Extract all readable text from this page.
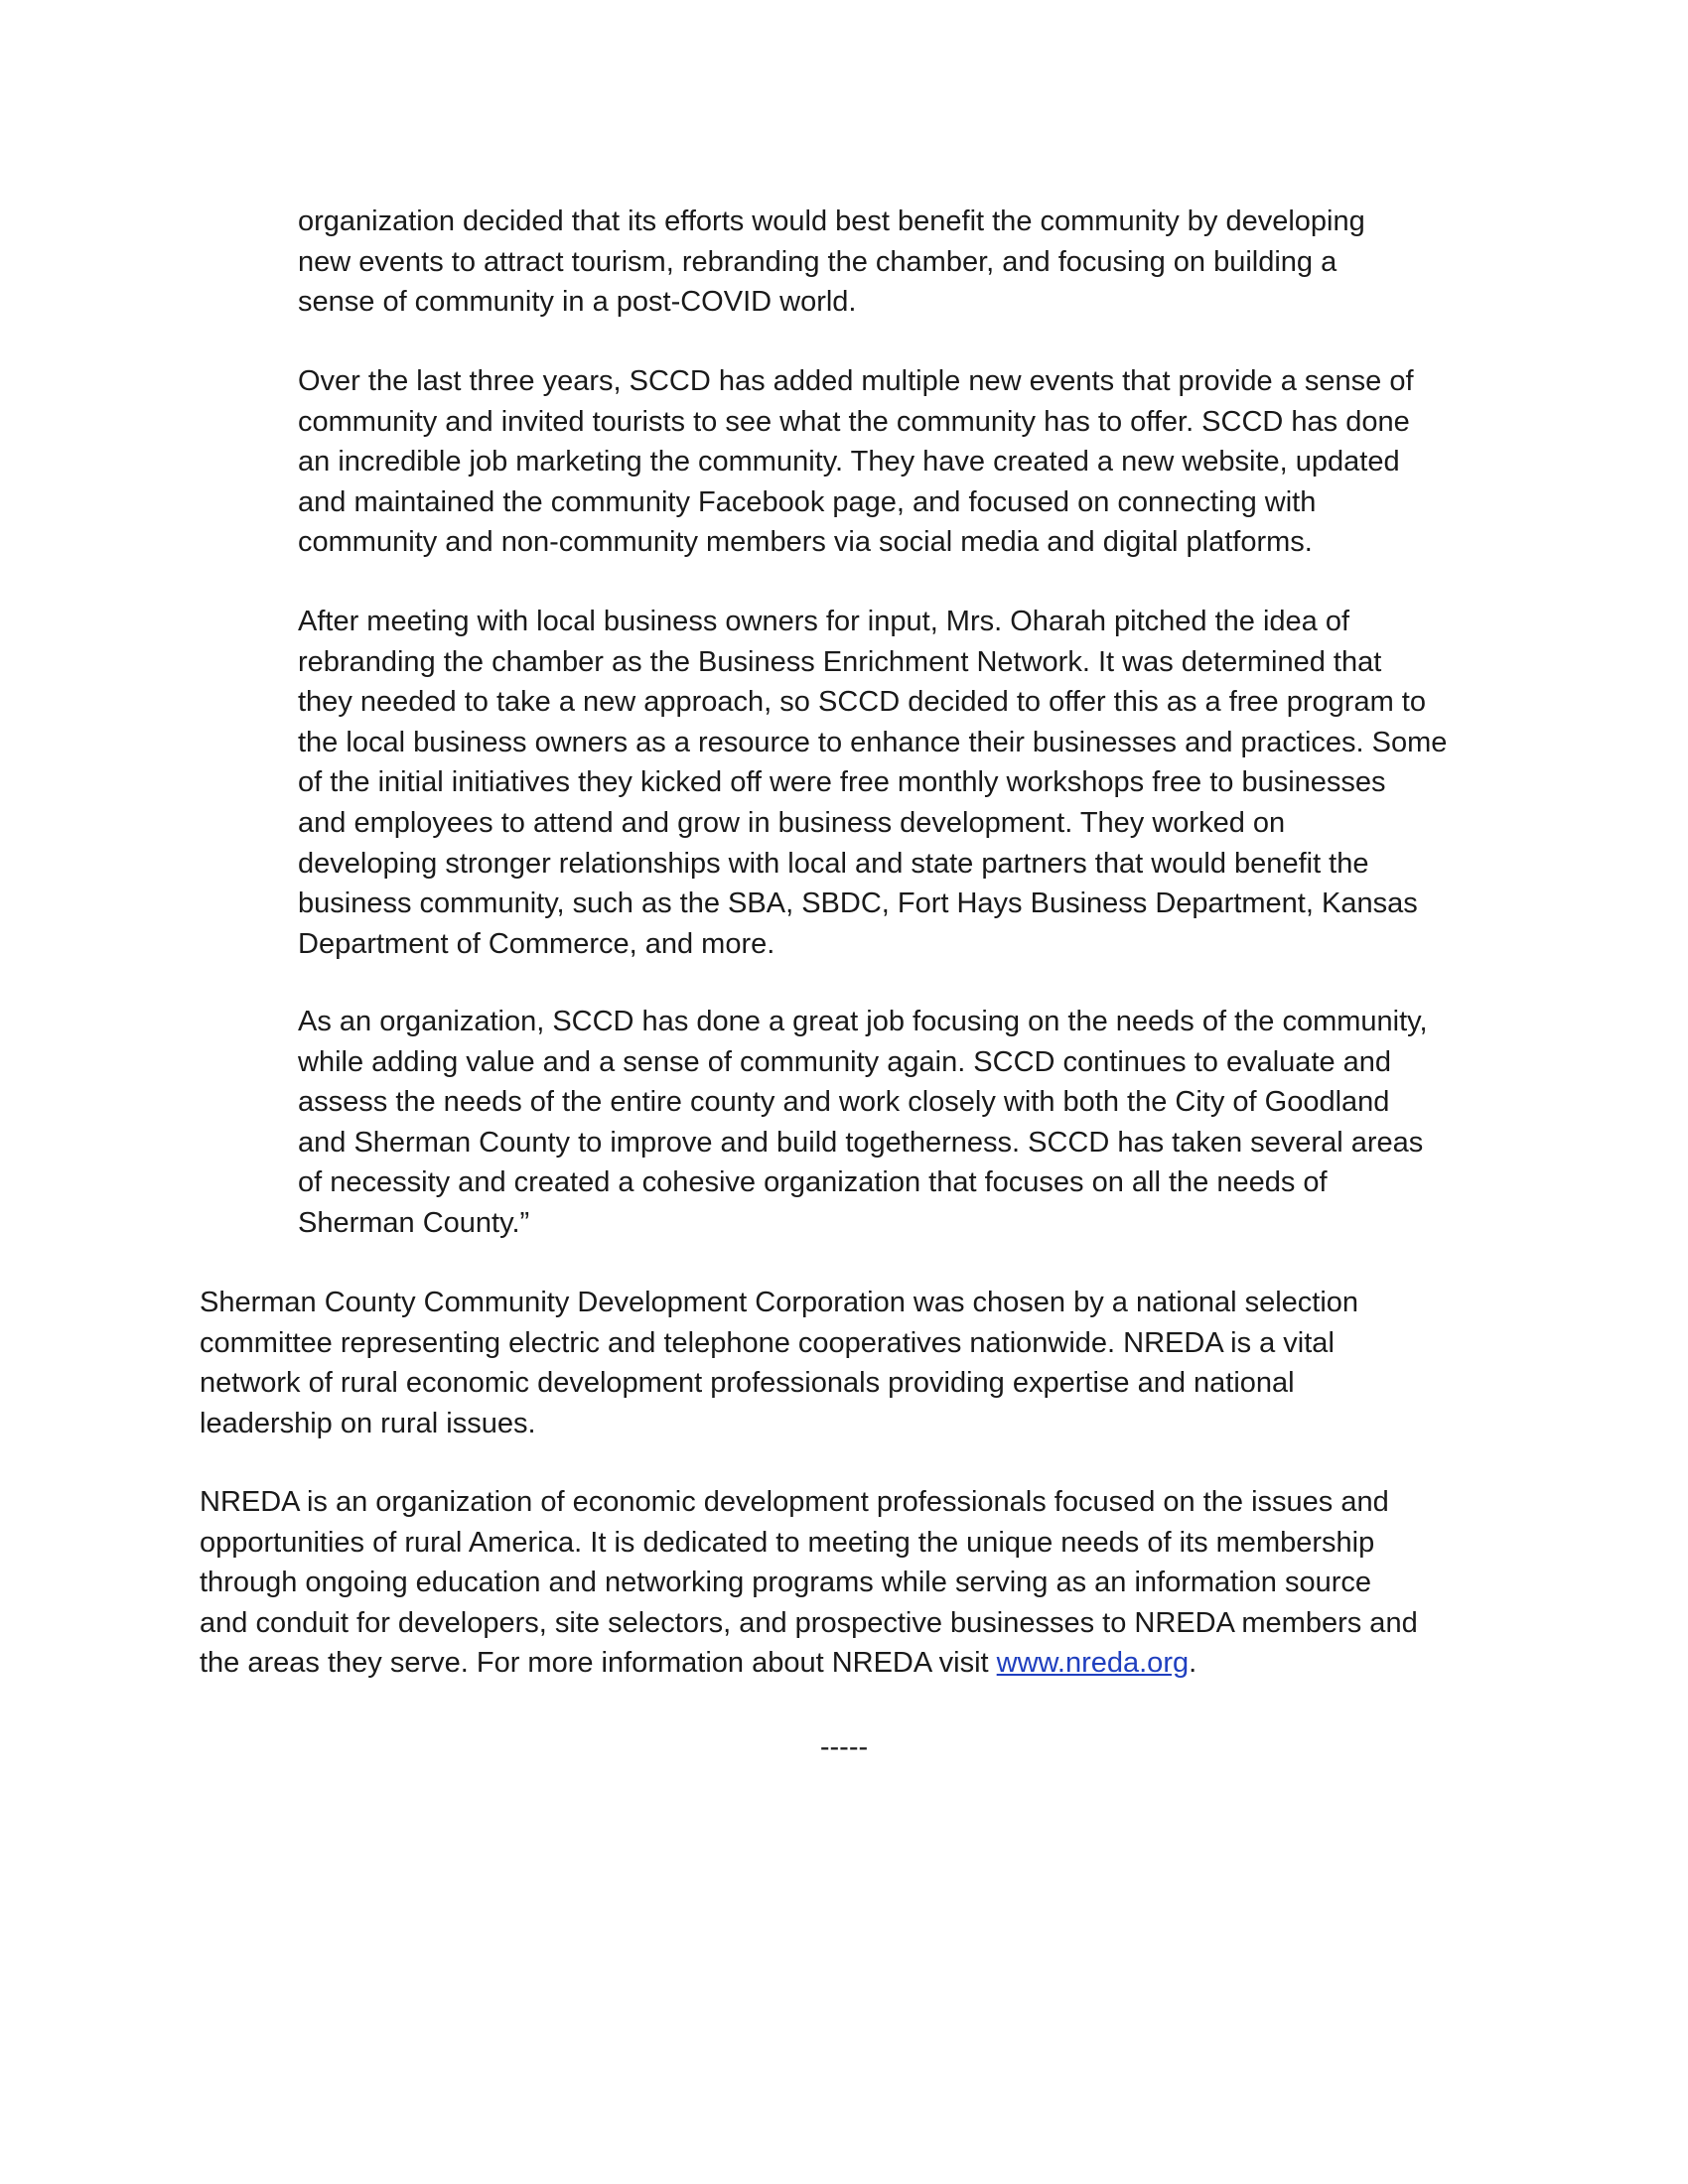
organization decided that its efforts would best benefit the community by developing
new events to attract tourism, rebranding the chamber, and focusing on building a
sense of community in a post-COVID world.

Over the last three years, SCCD has added multiple new events that provide a sense of
community and invited tourists to see what the community has to offer. SCCD has done
an incredible job marketing the community. They have created a new website, updated
and maintained the community Facebook page, and focused on connecting with
community and non-community members via social media and digital platforms.

After meeting with local business owners for input, Mrs. Oharah pitched the idea of
rebranding the chamber as the Business Enrichment Network. It was determined that
they needed to take a new approach, so SCCD decided to offer this as a free program to
the local business owners as a resource to enhance their businesses and practices. Some
of the initial initiatives they kicked off were free monthly workshops free to businesses
and employees to attend and grow in business development. They worked on
developing stronger relationships with local and state partners that would benefit the
business community, such as the SBA, SBDC, Fort Hays Business Department, Kansas
Department of Commerce, and more.

As an organization, SCCD has done a great job focusing on the needs of the community,
while adding value and a sense of community again. SCCD continues to evaluate and
assess the needs of the entire county and work closely with both the City of Goodland
and Sherman County to improve and build togetherness. SCCD has taken several areas
of necessity and created a cohesive organization that focuses on all the needs of
Sherman County.”

Sherman County Community Development Corporation was chosen by a national selection
committee representing electric and telephone cooperatives nationwide. NREDA is a vital
network of rural economic development professionals providing expertise and national
leadership on rural issues.

NREDA is an organization of economic development professionals focused on the issues and
opportunities of rural America. It is dedicated to meeting the unique needs of its membership
through ongoing education and networking programs while serving as an information source
and conduit for developers, site selectors, and prospective businesses to NREDA members and
the areas they serve. For more information about NREDA visit www.nreda.org.

-----
